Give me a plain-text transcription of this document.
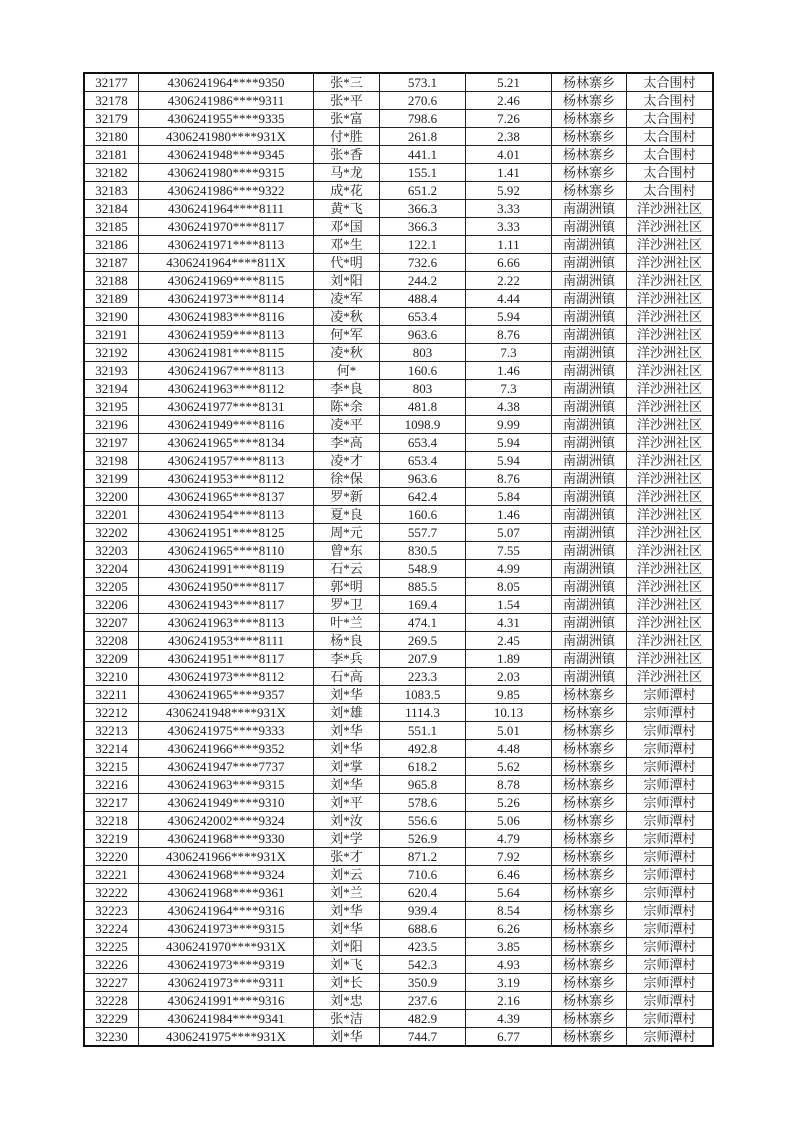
32177	4306241964****9350	张*三	573.1	5.21	杨林寨乡	太合围村
32178	4306241986****9311	张*平	270.6	2.46	杨林寨乡	太合围村
32179	4306241955****9335	张*富	798.6	7.26	杨林寨乡	太合围村
32180	4306241980****931X	付*胜	261.8	2.38	杨林寨乡	太合围村
32181	4306241948****9345	张*香	441.1	4.01	杨林寨乡	太合围村
32182	4306241980****9315	马*龙	155.1	1.41	杨林寨乡	太合围村
32183	4306241986****9322	成*花	651.2	5.92	杨林寨乡	太合围村
32184	4306241964****8111	黄*飞	366.3	3.33	南湖洲镇	洋沙洲社区
32185	4306241970****8117	邓*国	366.3	3.33	南湖洲镇	洋沙洲社区
32186	4306241971****8113	邓*生	122.1	1.11	南湖洲镇	洋沙洲社区
32187	4306241964****811X	代*明	732.6	6.66	南湖洲镇	洋沙洲社区
32188	4306241969****8115	刘*阳	244.2	2.22	南湖洲镇	洋沙洲社区
32189	4306241973****8114	凌*军	488.4	4.44	南湖洲镇	洋沙洲社区
32190	4306241983****8116	凌*秋	653.4	5.94	南湖洲镇	洋沙洲社区
32191	4306241959****8113	何*军	963.6	8.76	南湖洲镇	洋沙洲社区
32192	4306241981****8115	凌*秋	803	7.3	南湖洲镇	洋沙洲社区
32193	4306241967****8113	何*	160.6	1.46	南湖洲镇	洋沙洲社区
32194	4306241963****8112	李*良	803	7.3	南湖洲镇	洋沙洲社区
32195	4306241977****8131	陈*余	481.8	4.38	南湖洲镇	洋沙洲社区
32196	4306241949****8116	凌*平	1098.9	9.99	南湖洲镇	洋沙洲社区
32197	4306241965****8134	李*高	653.4	5.94	南湖洲镇	洋沙洲社区
32198	4306241957****8113	凌*才	653.4	5.94	南湖洲镇	洋沙洲社区
32199	4306241953****8112	徐*保	963.6	8.76	南湖洲镇	洋沙洲社区
32200	4306241965****8137	罗*新	642.4	5.84	南湖洲镇	洋沙洲社区
32201	4306241954****8113	夏*良	160.6	1.46	南湖洲镇	洋沙洲社区
32202	4306241951****8125	周*元	557.7	5.07	南湖洲镇	洋沙洲社区
32203	4306241965****8110	曾*东	830.5	7.55	南湖洲镇	洋沙洲社区
32204	4306241991****8119	石*云	548.9	4.99	南湖洲镇	洋沙洲社区
32205	4306241950****8117	郭*明	885.5	8.05	南湖洲镇	洋沙洲社区
32206	4306241943****8117	罗*卫	169.4	1.54	南湖洲镇	洋沙洲社区
32207	4306241963****8113	叶*兰	474.1	4.31	南湖洲镇	洋沙洲社区
32208	4306241953****8111	杨*良	269.5	2.45	南湖洲镇	洋沙洲社区
32209	4306241951****8117	李*兵	207.9	1.89	南湖洲镇	洋沙洲社区
32210	4306241973****8112	石*高	223.3	2.03	南湖洲镇	洋沙洲社区
32211	4306241965****9357	刘*华	1083.5	9.85	杨林寨乡	宗师潭村
32212	4306241948****931X	刘*雄	1114.3	10.13	杨林寨乡	宗师潭村
32213	4306241975****9333	刘*华	551.1	5.01	杨林寨乡	宗师潭村
32214	4306241966****9352	刘*华	492.8	4.48	杨林寨乡	宗师潭村
32215	4306241947****7737	刘*掌	618.2	5.62	杨林寨乡	宗师潭村
32216	4306241963****9315	刘*华	965.8	8.78	杨林寨乡	宗师潭村
32217	4306241949****9310	刘*平	578.6	5.26	杨林寨乡	宗师潭村
32218	4306242002****9324	刘*汝	556.6	5.06	杨林寨乡	宗师潭村
32219	4306241968****9330	刘*学	526.9	4.79	杨林寨乡	宗师潭村
32220	4306241966****931X	张*才	871.2	7.92	杨林寨乡	宗师潭村
32221	4306241968****9324	刘*云	710.6	6.46	杨林寨乡	宗师潭村
32222	4306241968****9361	刘*兰	620.4	5.64	杨林寨乡	宗师潭村
32223	4306241964****9316	刘*华	939.4	8.54	杨林寨乡	宗师潭村
32224	4306241973****9315	刘*华	688.6	6.26	杨林寨乡	宗师潭村
32225	4306241970****931X	刘*阳	423.5	3.85	杨林寨乡	宗师潭村
32226	4306241973****9319	刘*飞	542.3	4.93	杨林寨乡	宗师潭村
32227	4306241973****9311	刘*长	350.9	3.19	杨林寨乡	宗师潭村
32228	4306241991****9316	刘*忠	237.6	2.16	杨林寨乡	宗师潭村
32229	4306241984****9341	张*洁	482.9	4.39	杨林寨乡	宗师潭村
32230	4306241975****931X	刘*华	744.7	6.77	杨林寨乡	宗师潭村
